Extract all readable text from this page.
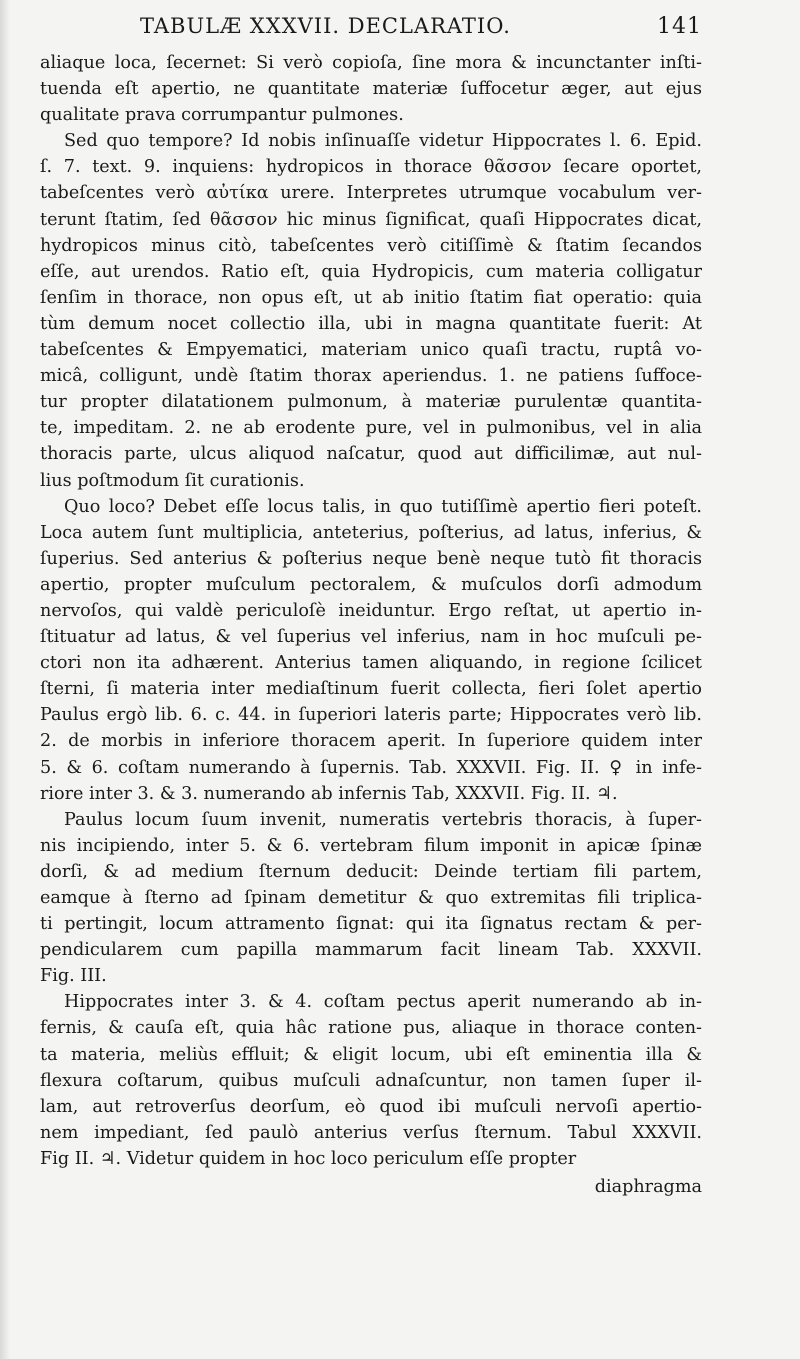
TABULÆ XXXVII. DECLARATIO.	141
aliaque loca, ſecernet: Si verò copioſa, ſine mora & incunctanter inſti-
tuenda eſt apertio, ne quantitate materiæ ſuffocetur æger, aut ejus
qualitate prava corrumpantur pulmones.
Sed quo tempore? Id nobis inſinuaſſe videtur Hippocrates l. 6. Epid.
ſ. 7. text. 9. inquiens: hydropicos in thorace θᾶσσον ſecare oportet,
tabeſcentes verò αὐτίκα urere. Interpretes utrumque vocabulum ver-
terunt ſtatim, ſed θᾶσσον hic minus ſignificat, quaſi Hippocrates dicat,
hydropicos minus citò, tabeſcentes verò citiſſimè & ſtatim ſecandos
eſſe, aut urendos. Ratio eſt, quia Hydropicis, cum materia colligatur
ſenſim in thorace, non opus eſt, ut ab initio ſtatim fiat operatio: quia
tùm demum nocet collectio illa, ubi in magna quantitate fuerit: At
tabeſcentes & Empyematici, materiam unico quaſi tractu, ruptâ vo-
micâ, colligunt, undè ſtatim thorax aperiendus. 1. ne patiens ſuffoce-
tur propter dilatationem pulmonum, à materiæ purulentæ quantita-
te, impeditam. 2. ne ab erodente pure, vel in pulmonibus, vel in alia
thoracis parte, ulcus aliquod naſcatur, quod aut difficilimæ, aut nul-
lius poſtmodum ſit curationis.
Quo loco? Debet eſſe locus talis, in quo tutiſſimè apertio fieri poteſt.
Loca autem ſunt multiplicia, anteterius, poſterius, ad latus, inferius, &
ſuperius. Sed anterius & poſterius neque benè neque tutò fit thoracis
apertio, propter muſculum pectoralem, & muſculos dorſi admodum
nervoſos, qui valdè periculoſè ineiduntur. Ergo reſtat, ut apertio in-
ſtituatur ad latus, & vel ſuperius vel inferius, nam in hoc muſculi pe-
ctori non ita adhærent. Anterius tamen aliquando, in regione ſcilicet
ſterni, ſi materia inter mediaſtinum fuerit collecta, fieri ſolet apertio
Paulus ergò lib. 6. c. 44. in ſuperiori lateris parte; Hippocrates verò lib.
2. de morbis in inferiore thoracem aperit. In ſuperiore quidem inter
5. & 6. coſtam numerando à ſupernis. Tab. XXXVII. Fig. II. ♀ in infe-
riore inter 3. & 3. numerando ab infernis Tab, XXXVII. Fig. II. ♃.
Paulus locum ſuum invenit, numeratis vertebris thoracis, à ſuper-
nis incipiendo, inter 5. & 6. vertebram filum imponit in apicæ ſpinæ
dorſi, & ad medium ſternum deducit: Deinde tertiam fili partem,
eamque à ſterno ad ſpinam demetitur & quo extremitas fili triplica-
ti pertingit, locum attramento ſignat: qui ita ſignatus rectam & per-
pendicularem cum papilla mammarum facit lineam Tab. XXXVII.
Fig. III.
Hippocrates inter 3. & 4. coſtam pectus aperit numerando ab in-
fernis, & cauſa eſt, quia hâc ratione pus, aliaque in thorace conten-
ta materia, meliùs effluit; & eligit locum, ubi eſt eminentia illa &
flexura coſtarum, quibus muſculi adnaſcuntur, non tamen ſuper il-
lam, aut retroverſus deorſum, eò quod ibi muſculi nervoſi apertio-
nem impediant, ſed paulò anterius verſus ſternum. Tabul XXXVII.
Fig II. ♃. Videtur quidem in hoc loco periculum eſſe propter
diaphragma
